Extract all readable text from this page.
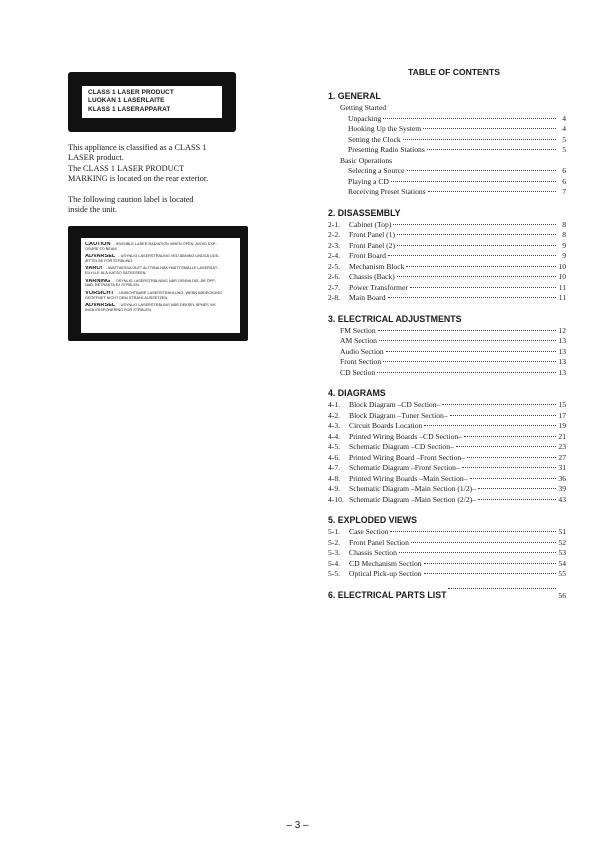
CLASS 1 LASER PRODUCT
LUOKAN 1 LASERLAITE
KLASS 1 LASERAPPARAT
This appliance is classified as a CLASS 1
LASER product.
The CLASS 1 LASER PRODUCT
MARKING is located on the rear exterior.
The following caution label is located
inside the unit.
CAUTION - INVISIBLE LASER RADIATION WHEN OPEN. AVOID EXP-
OSURE TO BEAM.
ADVARSEL - USYNLIG LASERSTRÅLING VED ÅBNING UNDGÅ UDS-
ÆTTELSE FOR STRÅLING.
VARO! - AVATTAESSA OLET ALTTIINA NÄKYMÄTTÖMÄLLE LASERSÄT-
EILYLLE ÄLÄ KATSO SÄTEESEEN.
VARNING - OSYNLIG LASERSTRÅLNING NÄR DENNA DEL ÄR ÖPP-
NAD. BETRAKTA EJ STRÅLEN.
VORSICHT - UNSICHTBARE LASERSTRAHLUNG, WENN ABDECKUNG
GEÖFFNET NICHT DEM STRAHL AUSSETZEN.
ADVARSEL - USYNLIG LASERSTRÅLING NÅR DEKSEL ÅPNES VIK
INGÅ EKSPONERING FOR STRÅLEN.
TABLE OF CONTENTS
1. GENERAL
Getting Started
Unpacking	4
Hooking Up the System	4
Setting the Clock	5
Presetting Radio Stations	5
Basic Operations
Selecting a Source	6
Playing a CD	6
Receiving Preset Stations	7
2. DISASSEMBLY
2-1.	Cabinet (Top)	8
2-2.	Front Panel (1)	8
2-3.	Front Panel (2)	9
2-4.	Front Board	9
2-5.	Mechanism Block	10
2-6.	Chassis (Back)	10
2-7.	Power Transformer	11
2-8.	Main Board	11
3. ELECTRICAL ADJUSTMENTS
FM Section	12
AM Section	13
Audio Section	13
Front Section	13
CD Section	13
4. DIAGRAMS
4-1.	Block Diagram –CD Section–	15
4-2.	Block Diagram –Tuner Section–	17
4-3.	Circuit Boards Location	19
4-4.	Printed Wiring Boards –CD Section–	21
4-5.	Schematic Diagram –CD Section–	23
4-6.	Printed Wiring Board –Front Section–	27
4-7.	Schematic Diagram –Front Section–	31
4-8.	Printed Wiring Boards –Main Section–	36
4-9.	Schematic Diagram –Main Section (1/2)–	39
4-10. Schematic Diagram –Main Section (2/2)–	43
5. EXPLODED VIEWS
5-1.	Case Section	51
5-2.	Front Panel Section	52
5-3.	Chassis Section	53
5-4.	CD Mechanism Section	54
5-5.	Optical Pick-up Section	55
6. ELECTRICAL PARTS LIST	56
– 3 –
